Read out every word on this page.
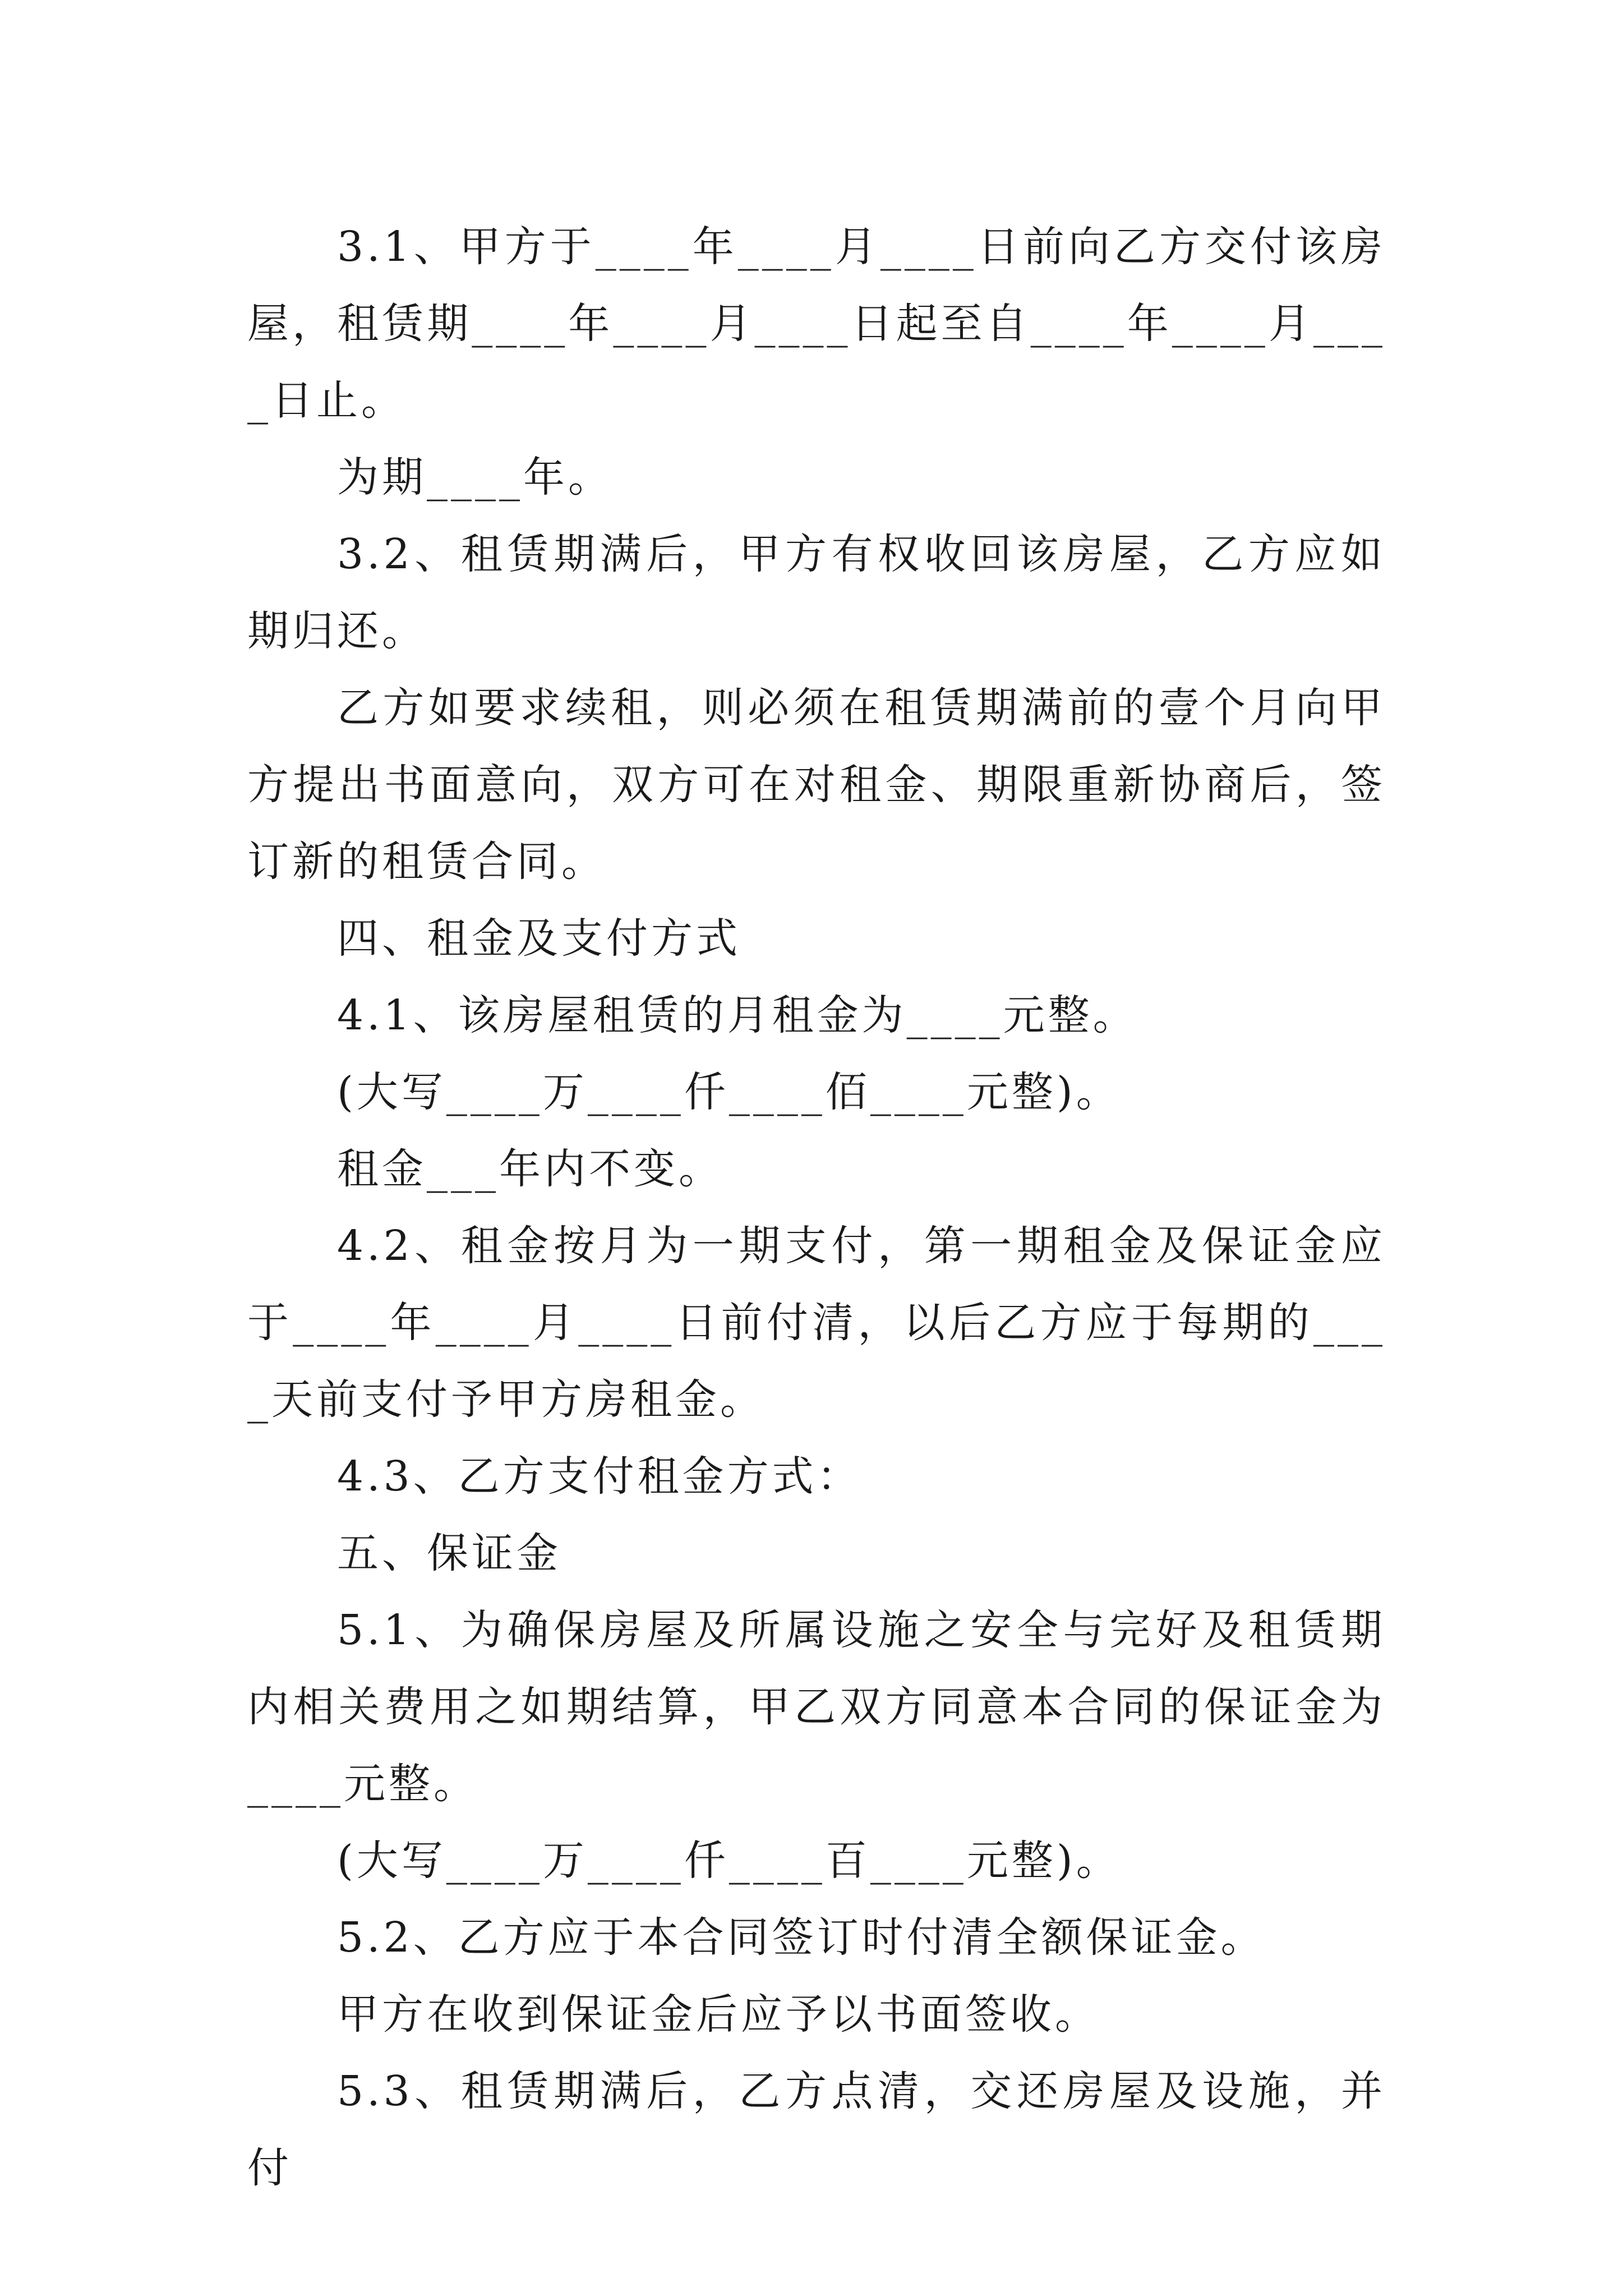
3.1、甲方于____年____月____日前向乙方交付该房屋，租赁期____年____月____日起至自____年____月____日止。

为期____年。

3.2、租赁期满后，甲方有权收回该房屋，乙方应如期归还。

乙方如要求续租，则必须在租赁期满前的壹个月向甲方提出书面意向，双方可在对租金、期限重新协商后，签订新的租赁合同。

四、租金及支付方式

4.1、该房屋租赁的月租金为____元整。

(大写____万____仟____佰____元整)。

租金___年内不变。

4.2、租金按月为一期支付，第一期租金及保证金应于____年____月____日前付清，以后乙方应于每期的____天前支付予甲方房租金。

4.3、乙方支付租金方式：

五、保证金

5.1、为确保房屋及所属设施之安全与完好及租赁期内相关费用之如期结算，甲乙双方同意本合同的保证金为____元整。

(大写____万____仟____百____元整)。

5.2、乙方应于本合同签订时付清全额保证金。

甲方在收到保证金后应予以书面签收。

5.3、租赁期满后，乙方点清，交还房屋及设施，并付
